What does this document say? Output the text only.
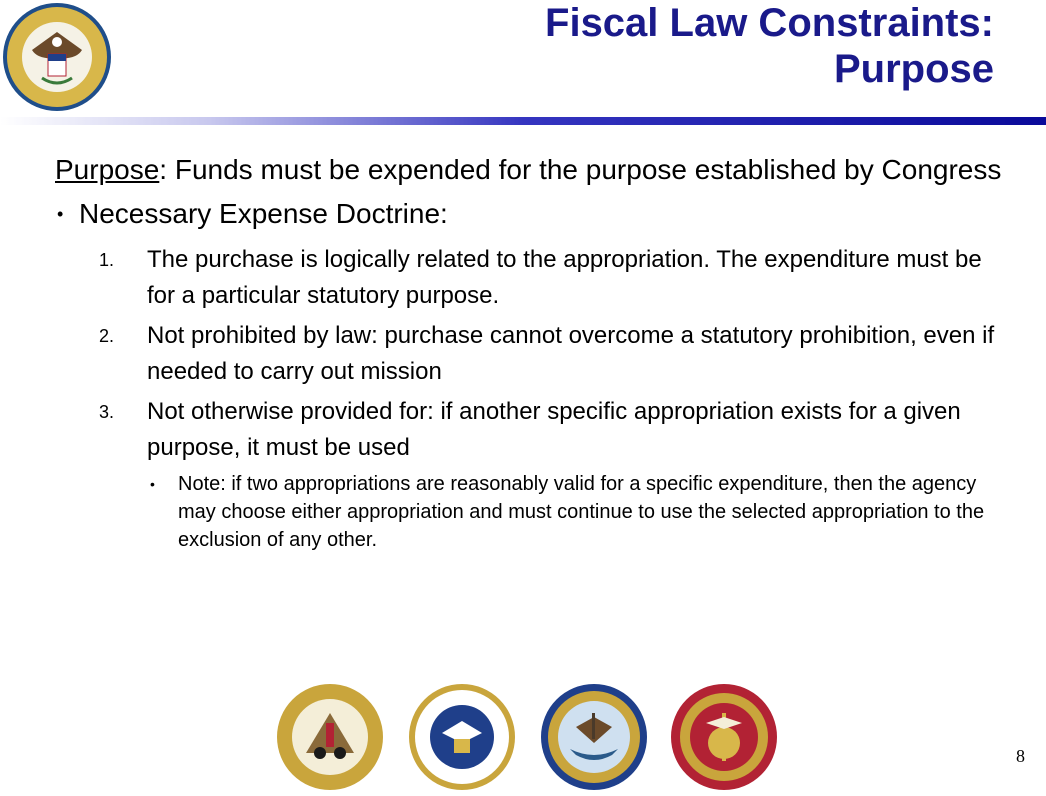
Fiscal Law Constraints:
Purpose

Purpose: Funds must be expended for the purpose established by Congress

• Necessary Expense Doctrine:
1. The purchase is logically related to the appropriation. The expenditure must be for a particular statutory purpose.
2. Not prohibited by law: purchase cannot overcome a statutory prohibition, even if needed to carry out mission
3. Not otherwise provided for: if another specific appropriation exists for a given purpose, it must be used
• Note: if two appropriations are reasonably valid for a specific expenditure, then the agency may choose either appropriation and must continue to use the selected appropriation to the exclusion of any other.
8
